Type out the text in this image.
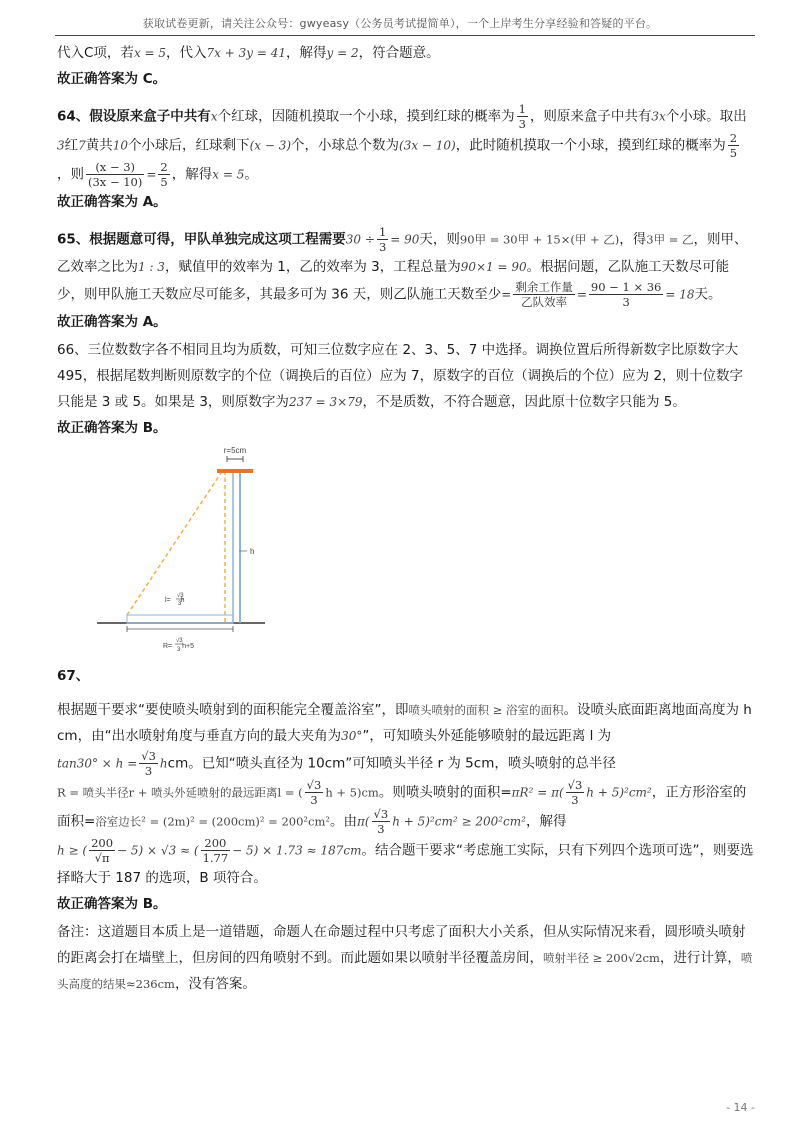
获取试卷更新，请关注公众号：gwyeasy（公务员考试提简单），一个上岸考生分享经验和答疑的平台。

代入C项，若x = 5，代入7x + 3y = 41，解得y = 2，符合题意。

故正确答案为 C。

64、假设原来盒子中共有x个红球，因随机摸取一个小球，摸到红球的概率为 $\frac{1}{3}$ ，则原来盒子中共有3x个小球。取出3红7黄共10个小球后，红球剩下(x − 3)个，小球总个数为(3x − 10)，此时随机摸取一个小球，摸到红球的概率为 $\frac{2}{5}$
，则 $\frac{(x - 3)}{(3x - 10)} = \frac{2}{5}$ ，解得x = 5。

故正确答案为 A。

65、根据题意可得，甲队单独完成这项工程需要$30 \div \frac{1}{3} = 90$天，则90甲 = 30甲 + 15×(甲 + 乙)，得3甲 = 乙，则甲、乙效率之比为1 : 3，赋值甲的效率为 1，乙的效率为 3，工程总量为90×1 = 90。根据问题，乙队施工天数尽可能少，则甲队施工天数应尽可能多，其最多可为 36 天，则乙队施工天数至少= $\frac{\text{剩余工作量}}{\text{乙队效率}} = \frac{90 - 1 \times 36}{3} = 18$天。

故正确答案为 A。

66、三位数数字各不相同且均为质数，可知三位数字应在 2、3、5、7 中选择。调换位置后所得新数字比原数字大 495，根据尾数判断则原数字的个位（调换后的百位）应为 7，原数字的百位（调换后的个位）应为 2，则十位数字只能是 3 或 5。如果是 3，则原数字为237 = 3×79，不是质数，不符合题意，因此原十位数字只能为 5。

故正确答案为 B。

r=5cm
h
l= h
√3
3
R= h+5
√3
3

67、

根据题干要求“要使喷头喷射到的面积能完全覆盖浴室”，即喷头喷射的面积 ≥ 浴室的面积。设喷头底面距离地面高度为 h cm，由“出水喷射角度与垂直方向的最大夹角为30°”，可知喷头外延能够喷射的最远距离 l 为
$\tan 30^\circ \times h = \frac{√3}{3}$ hcm。已知“喷头直径为 10cm”可知喷头半径 r 为 5cm，喷头喷射的总半径
R = 喷头半径r + 喷头外延喷射的最远距离l = ( $\frac{√3}{3}$ h + 5)cm。则喷头喷射的面积$=\pi R^2 = \pi( \frac{√3}{3}$ h + 5)²cm²，正方形浴室的面积=浴室边长² = (2m)² = (200cm)² = 200²cm²。由$\pi( \frac{√3}{3}$ h + 5)²cm² ≥ 200²cm²，解得
h ≥ ( $\frac{200}{√\pi} - 5) \times √3$ ≈ ( $\frac{200}{1.77} - 5) \times 1.73 \approx 187cm$。结合题干要求“考虑施工实际，只有下列四个选项可选”，则要选择略大于 187 的选项，B 项符合。

故正确答案为 B。

备注：这道题目本质上是一道错题，命题人在命题过程中只考虑了面积大小关系，但从实际情况来看，圆形喷头喷射的距离会打在墙壁上，但房间的四角喷射不到。而此题如果以喷射半径覆盖房间，喷射半径 ≥ 200√2cm，进行计算，喷头高度的结果≈236cm，没有答案。

- 14 -
